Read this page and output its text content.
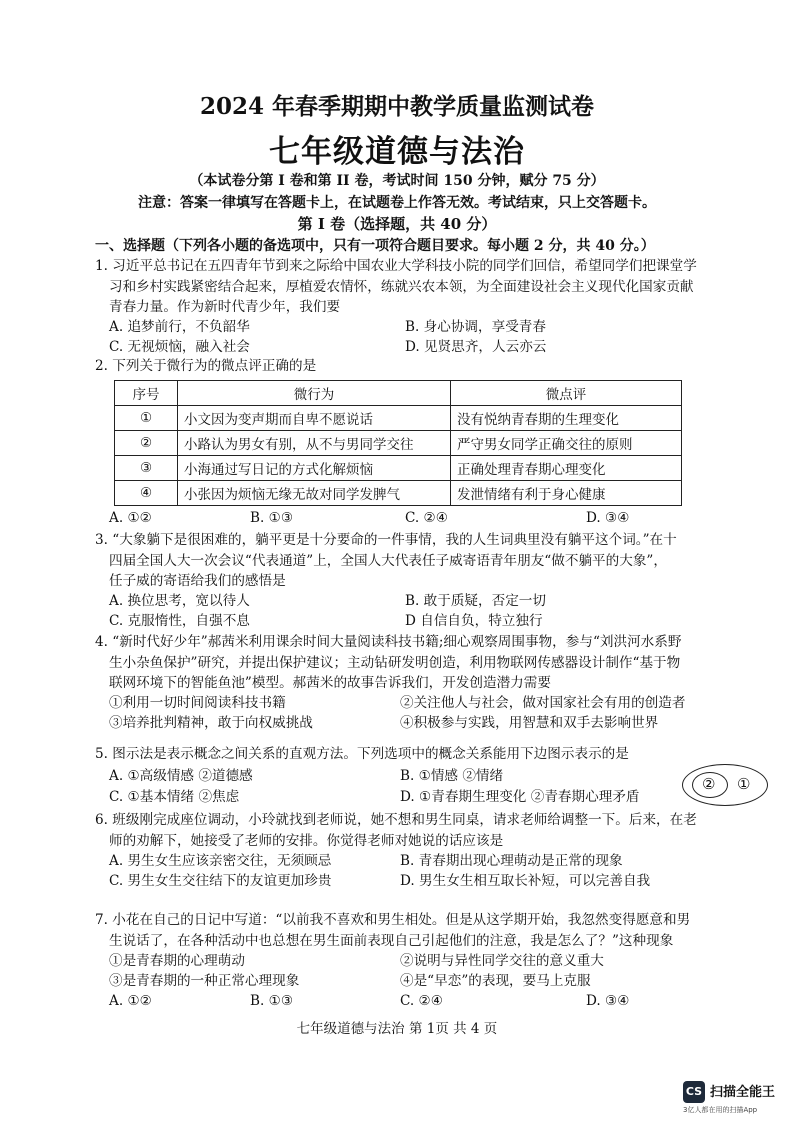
2024 年春季期期中教学质量监测试卷
七年级道德与法治
（本试卷分第 I 卷和第 II 卷，考试时间 150 分钟，赋分 75 分）
注意：答案一律填写在答题卡上，在试题卷上作答无效。考试结束，只上交答题卡。
第 I 卷（选择题，共 40 分）
一、选择题（下列各小题的备选项中，只有一项符合题目要求。每小题 2 分，共 40 分。）
1. 习近平总书记在五四青年节到来之际给中国农业大学科技小院的同学们回信，希望同学们把课堂学
习和乡村实践紧密结合起来，厚植爱农情怀，练就兴农本领，为全面建设社会主义现代化国家贡献
青春力量。作为新时代青少年，我们要
A. 追梦前行，不负韶华	B. 身心协调，享受青春
C. 无视烦恼，融入社会	D. 见贤思齐，人云亦云
2. 下列关于微行为的微点评正确的是
序号	微行为	微点评
①	小文因为变声期而自卑不愿说话	没有悦纳青春期的生理变化
②	小路认为男女有别，从不与男同学交往	严守男女同学正确交往的原则
③	小海通过写日记的方式化解烦恼	正确处理青春期心理变化
④	小张因为烦恼无缘无故对同学发脾气	发泄情绪有利于身心健康
A. ①②	B. ①③	C. ②④	D. ③④
3. “大象躺下是很困难的，躺平更是十分要命的一件事情，我的人生词典里没有躺平这个词。”在十
四届全国人大一次会议“代表通道”上，全国人大代表任子威寄语青年朋友“做不躺平的大象”，
任子威的寄语给我们的感悟是
A. 换位思考，宽以待人	B. 敢于质疑，否定一切
C. 克服惰性，自强不息	D 自信自负，特立独行
4. “新时代好少年”郝茜米利用课余时间大量阅读科技书籍;细心观察周围事物，参与“刘洪河水系野
生小杂鱼保护”研究，并提出保护建议；主动钻研发明创造，利用物联网传感器设计制作“基于物
联网环境下的智能鱼池”模型。郝茜米的故事告诉我们，开发创造潜力需要
①利用一切时间阅读科技书籍	②关注他人与社会，做对国家社会有用的创造者
③培养批判精神，敢于向权威挑战	④积极参与实践，用智慧和双手去影响世界
5. 图示法是表示概念之间关系的直观方法。下列选项中的概念关系能用下边图示表示的是
A. ①高级情感 ②道德感	B. ①情感 ②情绪
C. ①基本情绪 ②焦虑	D. ①青春期生理变化 ②青春期心理矛盾
② ①
6. 班级刚完成座位调动，小玲就找到老师说，她不想和男生同桌，请求老师给调整一下。后来，在老
师的劝解下，她接受了老师的安排。你觉得老师对她说的话应该是
A. 男生女生应该亲密交往，无须顾忌	B. 青春期出现心理萌动是正常的现象
C. 男生女生交往结下的友谊更加珍贵	D. 男生女生相互取长补短，可以完善自我
7. 小花在自己的日记中写道：“以前我不喜欢和男生相处。但是从这学期开始，我忽然变得愿意和男
生说话了，在各种活动中也总想在男生面前表现自己引起他们的注意，我是怎么了？”这种现象
①是青春期的心理萌动	②说明与异性同学交往的意义重大
③是青春期的一种正常心理现象	④是“早恋”的表现，要马上克服
A. ①②	B. ①③	C. ②④	D. ③④
七年级道德与法治 第 1页 共 4 页
CS 扫描全能王
3亿人都在用的扫描App
